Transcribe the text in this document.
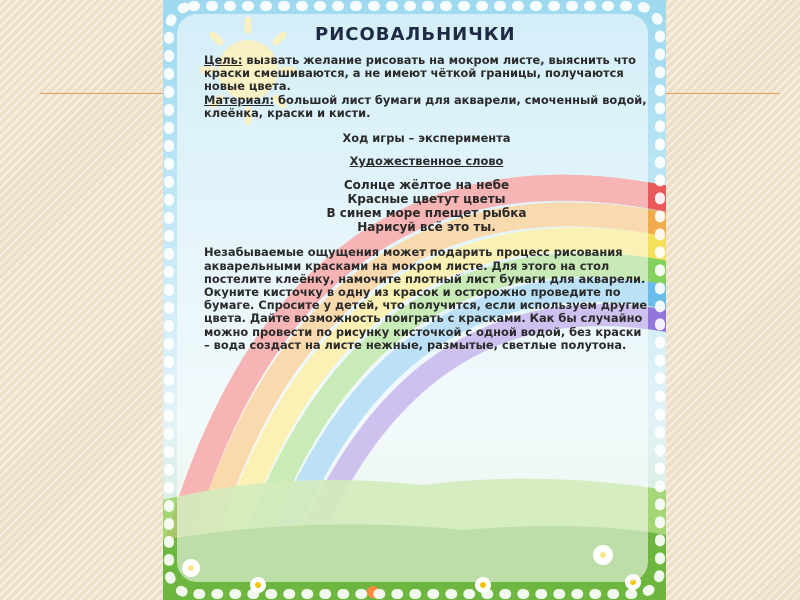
РИСОВАЛЬНИЧКИ

Цель: вызвать желание рисовать на мокром листе, выяснить что краски смешиваются, а не имеют чёткой границы, получаются новые цвета.

Материал: большой лист бумаги для акварели, смоченный водой, клеёнка, краски и кисти.

Ход игры – эксперимента

Художественное слово

Солнце жёлтое на небе

Красные цветут цветы

В синем море плещет рыбка

Нарисуй всё это ты.

Незабываемые ощущения может подарить процесс рисования акварельными красками на мокром листе. Для этого на стол постелите клеёнку, намочите плотный лист бумаги для акварели. Окуните кисточку в одну из красок и осторожно проведите по бумаге. Спросите у детей, что получится, если используем другие цвета. Дайте возможность поиграть с красками. Как бы случайно можно провести по рисунку кисточкой с одной водой, без краски – вода создаст на листе нежные, размытые, светлые полутона.
